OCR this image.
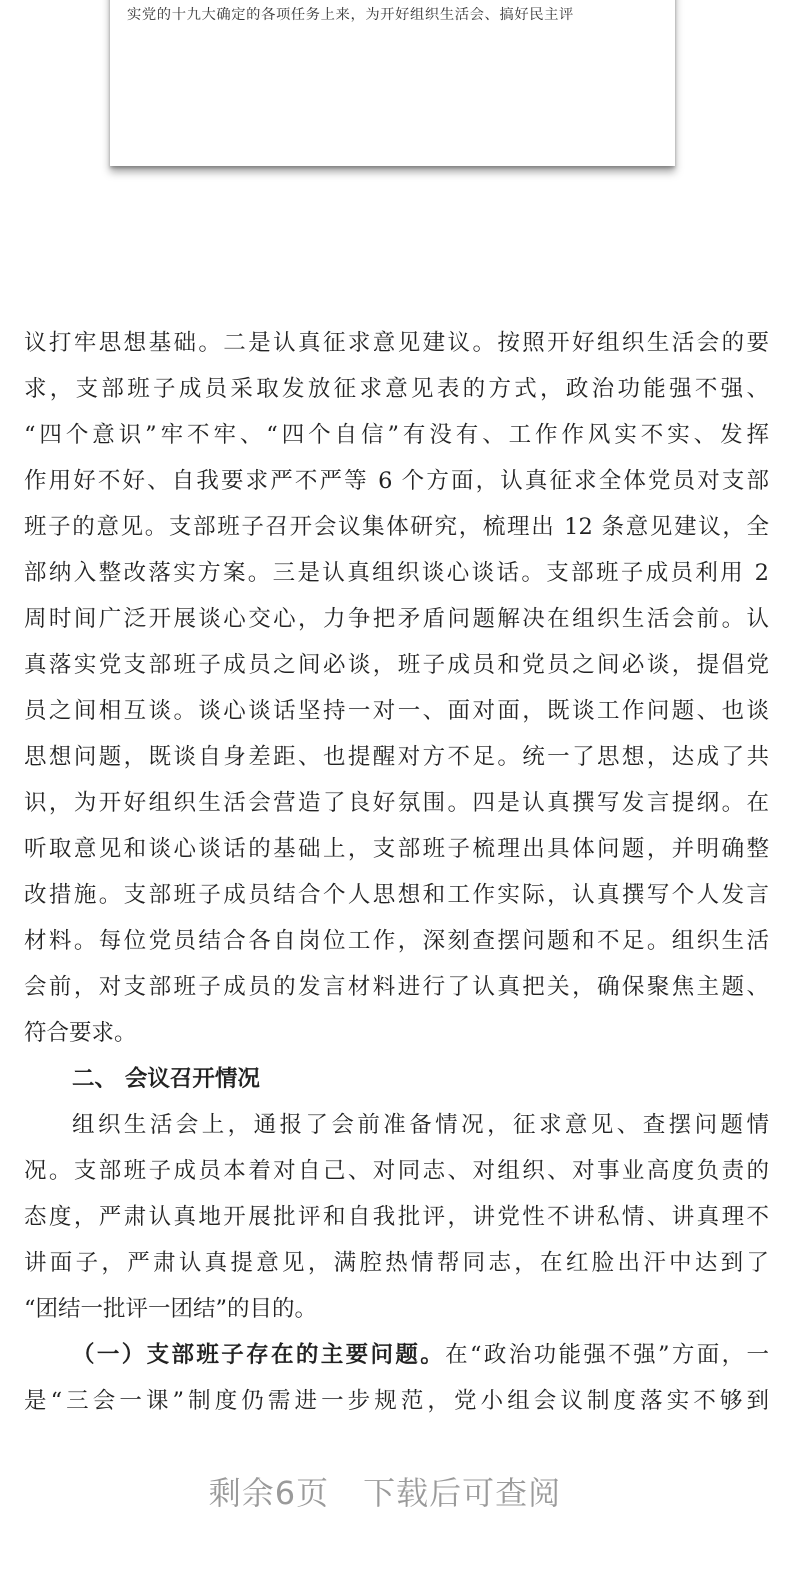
实党的十九大确定的各项任务上来，为开好组织生活会、搞好民主评
议打牢思想基础。二是认真征求意见建议。按照开好组织生活会的要
求，支部班子成员采取发放征求意见表的方式，政治功能强不强、
“四个意识”牢不牢、“四个自信”有没有、工作作风实不实、发挥
作用好不好、自我要求严不严等 6 个方面，认真征求全体党员对支部
班子的意见。支部班子召开会议集体研究，梳理出 12 条意见建议，全
部纳入整改落实方案。三是认真组织谈心谈话。支部班子成员利用 2
周时间广泛开展谈心交心，力争把矛盾问题解决在组织生活会前。认
真落实党支部班子成员之间必谈，班子成员和党员之间必谈，提倡党
员之间相互谈。谈心谈话坚持一对一、面对面，既谈工作问题、也谈
思想问题，既谈自身差距、也提醒对方不足。统一了思想，达成了共
识，为开好组织生活会营造了良好氛围。四是认真撰写发言提纲。在
听取意见和谈心谈话的基础上，支部班子梳理出具体问题，并明确整
改措施。支部班子成员结合个人思想和工作实际，认真撰写个人发言
材料。每位党员结合各自岗位工作，深刻查摆问题和不足。组织生活
会前，对支部班子成员的发言材料进行了认真把关，确保聚焦主题、
符合要求。
二、 会议召开情况
组织生活会上，通报了会前准备情况，征求意见、查摆问题情
况。支部班子成员本着对自己、对同志、对组织、对事业高度负责的
态度，严肃认真地开展批评和自我批评，讲党性不讲私情、讲真理不
讲面子，严肃认真提意见，满腔热情帮同志，在红脸出汗中达到了
“团结一批评一团结”的目的。
（一）支部班子存在的主要问题。在“政治功能强不强”方面，一
是“三会一课”制度仍需进一步规范，党小组会议制度落实不够到
剩余6页 下载后可查阅
